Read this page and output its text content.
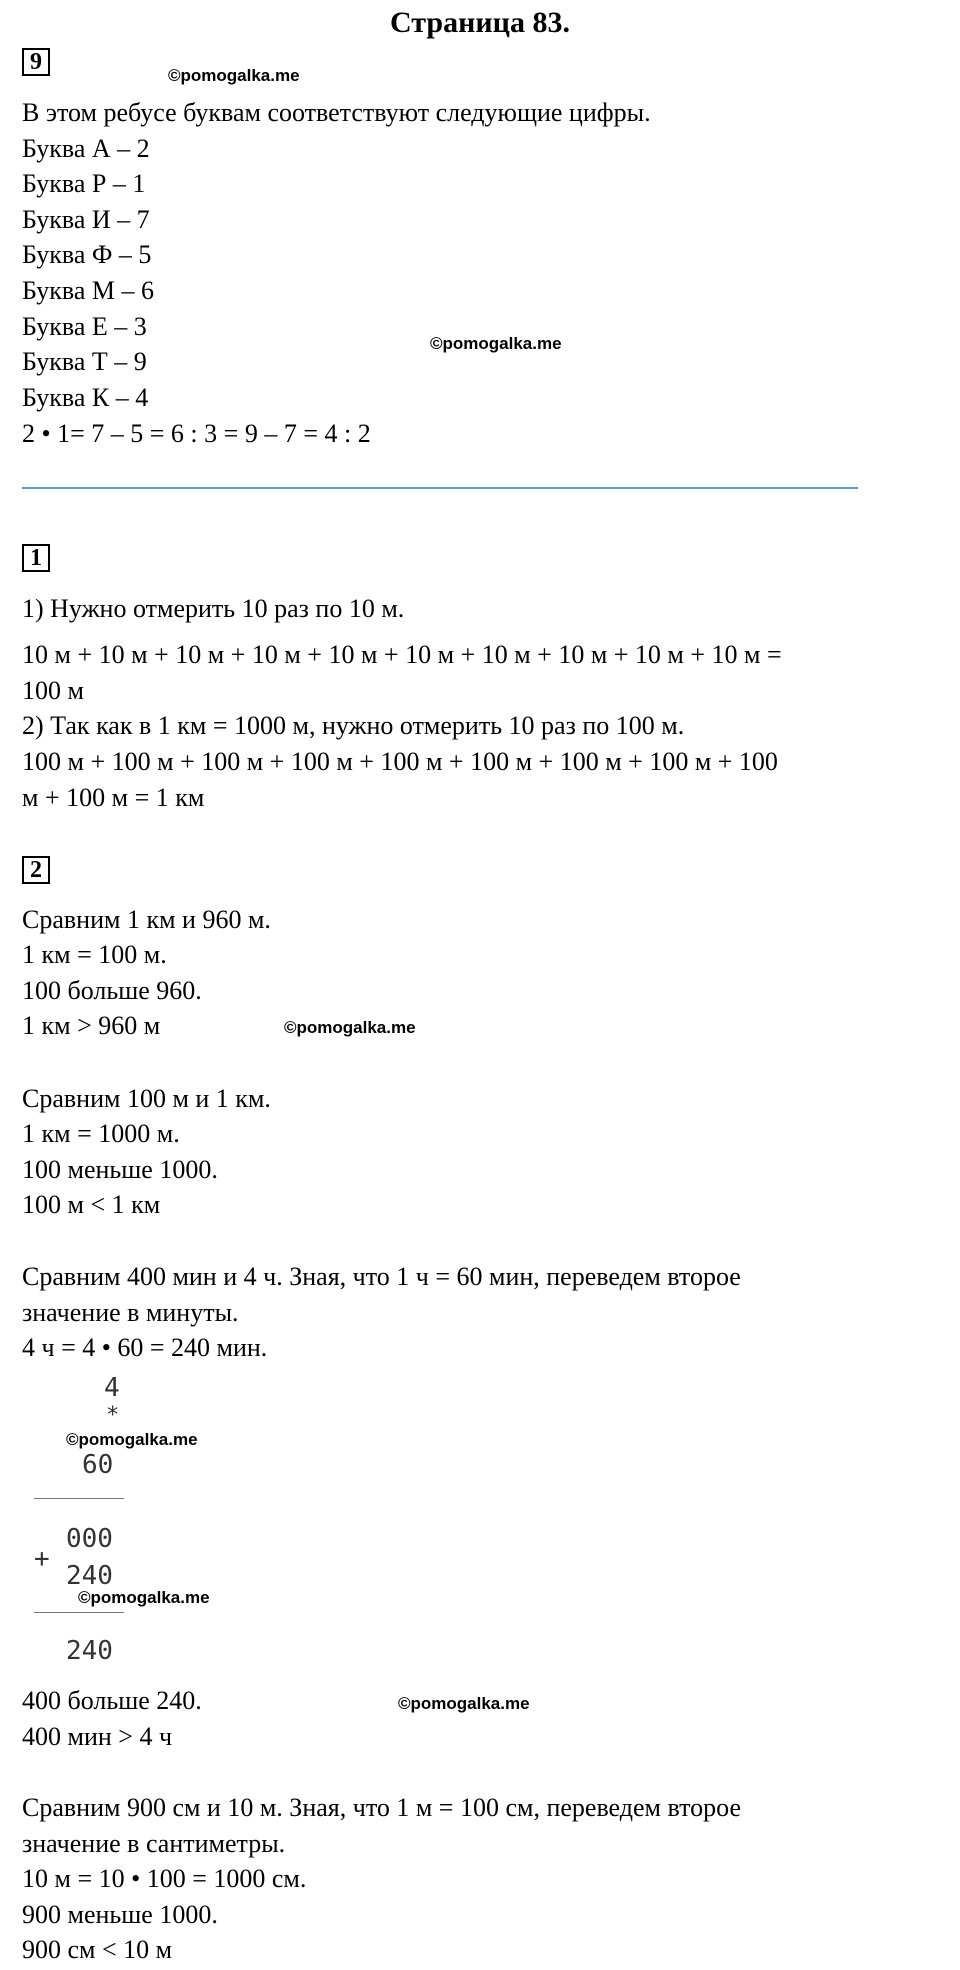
Страница 83.
9
©pomogalka.me
В этом ребусе буквам соответствуют следующие цифры.
Буква А – 2
Буква Р – 1
Буква И – 7
Буква Ф – 5
Буква М – 6
Буква Е – 3
©pomogalka.me
Буква Т – 9
Буква К – 4
2 • 1= 7 – 5 = 6 : 3 = 9 – 7 = 4 : 2
1
1) Нужно отмерить 10 раз по 10 м.
10 м + 10 м + 10 м + 10 м + 10 м + 10 м + 10 м + 10 м + 10 м + 10 м =
100 м
2) Так как в 1 км = 1000 м, нужно отмерить 10 раз по 100 м.
100 м + 100 м + 100 м + 100 м + 100 м + 100 м + 100 м + 100 м + 100
м + 100 м = 1 км
2
Сравним 1 км и 960 м.
1 км = 100 м.
100 больше 960.
1 км > 960 м	©pomogalka.me
Сравним 100 м и 1 км.
1 км = 1000 м.
100 меньше 1000.
100 м < 1 км
Сравним 400 мин и 4 ч. Зная, что 1 ч = 60 мин, переведем второе
значение в минуты.
4 ч = 4 • 60 = 240 мин.
4
*
©pomogalka.me
60
000
+
240
©pomogalka.me
240
400 больше 240.	©pomogalka.me
400 мин > 4 ч
Сравним 900 см и 10 м. Зная, что 1 м = 100 см, переведем второе
значение в сантиметры.
10 м = 10 • 100 = 1000 см.
900 меньше 1000.
900 см < 10 м
